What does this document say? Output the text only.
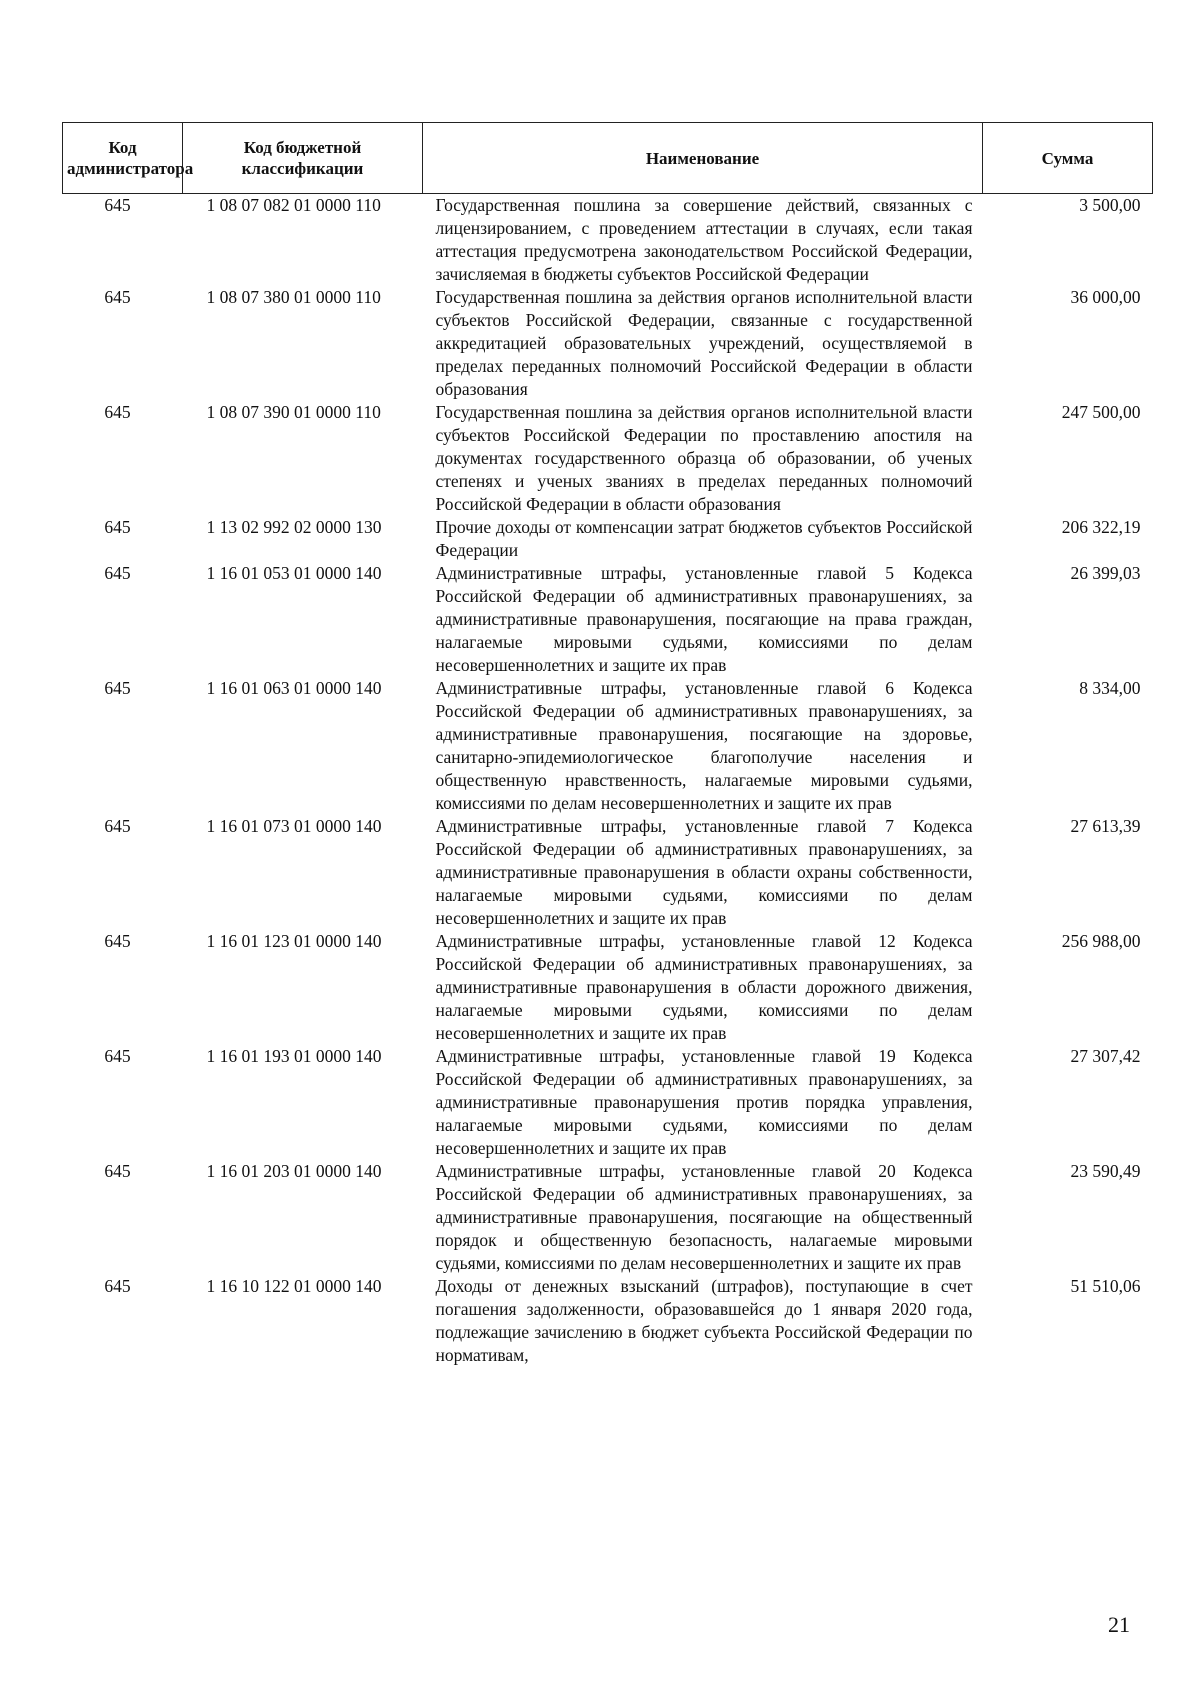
Код администратора	Код бюджетной классификации	Наименование	Сумма
645	1 08 07 082 01 0000 110	Государственная пошлина за совершение действий, связанных с лицензированием, с проведением аттестации в случаях, если такая аттестация предусмотрена законодательством Российской Федерации, зачисляемая в бюджеты субъектов Российской Федерации	3 500,00
645	1 08 07 380 01 0000 110	Государственная пошлина за действия органов исполнительной власти субъектов Российской Федерации, связанные с государственной аккредитацией образовательных учреждений, осуществляемой в пределах переданных полномочий Российской Федерации в области образования	36 000,00
645	1 08 07 390 01 0000 110	Государственная пошлина за действия органов исполнительной власти субъектов Российской Федерации по проставлению апостиля на документах государственного образца об образовании, об ученых степенях и ученых званиях в пределах переданных полномочий Российской Федерации в области образования	247 500,00
645	1 13 02 992 02 0000 130	Прочие доходы от компенсации затрат бюджетов субъектов Российской Федерации	206 322,19
645	1 16 01 053 01 0000 140	Административные штрафы, установленные главой 5 Кодекса Российской Федерации об административных правонарушениях, за административные правонарушения, посягающие на права граждан, налагаемые мировыми судьями, комиссиями по делам несовершеннолетних и защите их прав	26 399,03
645	1 16 01 063 01 0000 140	Административные штрафы, установленные главой 6 Кодекса Российской Федерации об административных правонарушениях, за административные правонарушения, посягающие на здоровье, санитарно-эпидемиологическое благополучие населения и общественную нравственность, налагаемые мировыми судьями, комиссиями по делам несовершеннолетних и защите их прав	8 334,00
645	1 16 01 073 01 0000 140	Административные штрафы, установленные главой 7 Кодекса Российской Федерации об административных правонарушениях, за административные правонарушения в области охраны собственности, налагаемые мировыми судьями, комиссиями по делам несовершеннолетних и защите их прав	27 613,39
645	1 16 01 123 01 0000 140	Административные штрафы, установленные главой 12 Кодекса Российской Федерации об административных правонарушениях, за административные правонарушения в области дорожного движения, налагаемые мировыми судьями, комиссиями по делам несовершеннолетних и защите их прав	256 988,00
645	1 16 01 193 01 0000 140	Административные штрафы, установленные главой 19 Кодекса Российской Федерации об административных правонарушениях, за административные правонарушения против порядка управления, налагаемые мировыми судьями, комиссиями по делам несовершеннолетних и защите их прав	27 307,42
645	1 16 01 203 01 0000 140	Административные штрафы, установленные главой 20 Кодекса Российской Федерации об административных правонарушениях, за административные правонарушения, посягающие на общественный порядок и общественную безопасность, налагаемые мировыми судьями, комиссиями по делам несовершеннолетних и защите их прав	23 590,49
645	1 16 10 122 01 0000 140	Доходы от денежных взысканий (штрафов), поступающие в счет погашения задолженности, образовавшейся до 1 января 2020 года, подлежащие зачислению в бюджет субъекта Российской Федерации по нормативам,	51 510,06
21
